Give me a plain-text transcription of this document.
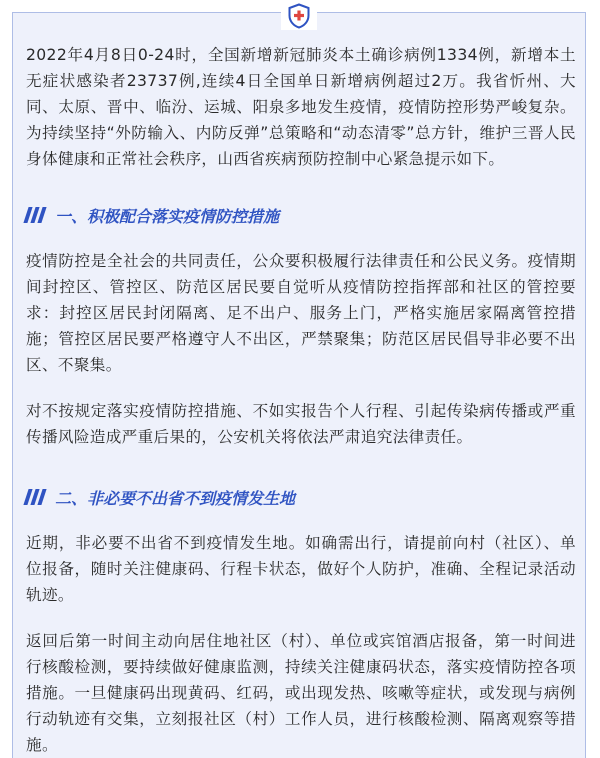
2022年4月8日0-24时，全国新增新冠肺炎本土确诊病例1334例，新增本土无症状感染者23737例,连续4日全国单日新增病例超过2万。我省忻州、大同、太原、晋中、临汾、运城、阳泉多地发生疫情，疫情防控形势严峻复杂。为持续坚持“外防输入、内防反弹”总策略和“动态清零”总方针，维护三晋人民身体健康和正常社会秩序，山西省疾病预防控制中心紧急提示如下。

一、积极配合落实疫情防控措施

疫情防控是全社会的共同责任，公众要积极履行法律责任和公民义务。疫情期间封控区、管控区、防范区居民要自觉听从疫情防控指挥部和社区的管控要求：封控区居民封闭隔离、足不出户、服务上门，严格实施居家隔离管控措施；管控区居民要严格遵守人不出区，严禁聚集；防范区居民倡导非必要不出区、不聚集。

对不按规定落实疫情防控措施、不如实报告个人行程、引起传染病传播或严重传播风险造成严重后果的，公安机关将依法严肃追究法律责任。

二、非必要不出省不到疫情发生地

近期，非必要不出省不到疫情发生地。如确需出行，请提前向村（社区）、单位报备，随时关注健康码、行程卡状态，做好个人防护，准确、全程记录活动轨迹。

返回后第一时间主动向居住地社区（村）、单位或宾馆酒店报备，第一时间进行核酸检测，要持续做好健康监测，持续关注健康码状态，落实疫情防控各项措施。一旦健康码出现黄码、红码，或出现发热、咳嗽等症状，或发现与病例行动轨迹有交集，立刻报社区（村）工作人员，进行核酸检测、隔离观察等措施。
